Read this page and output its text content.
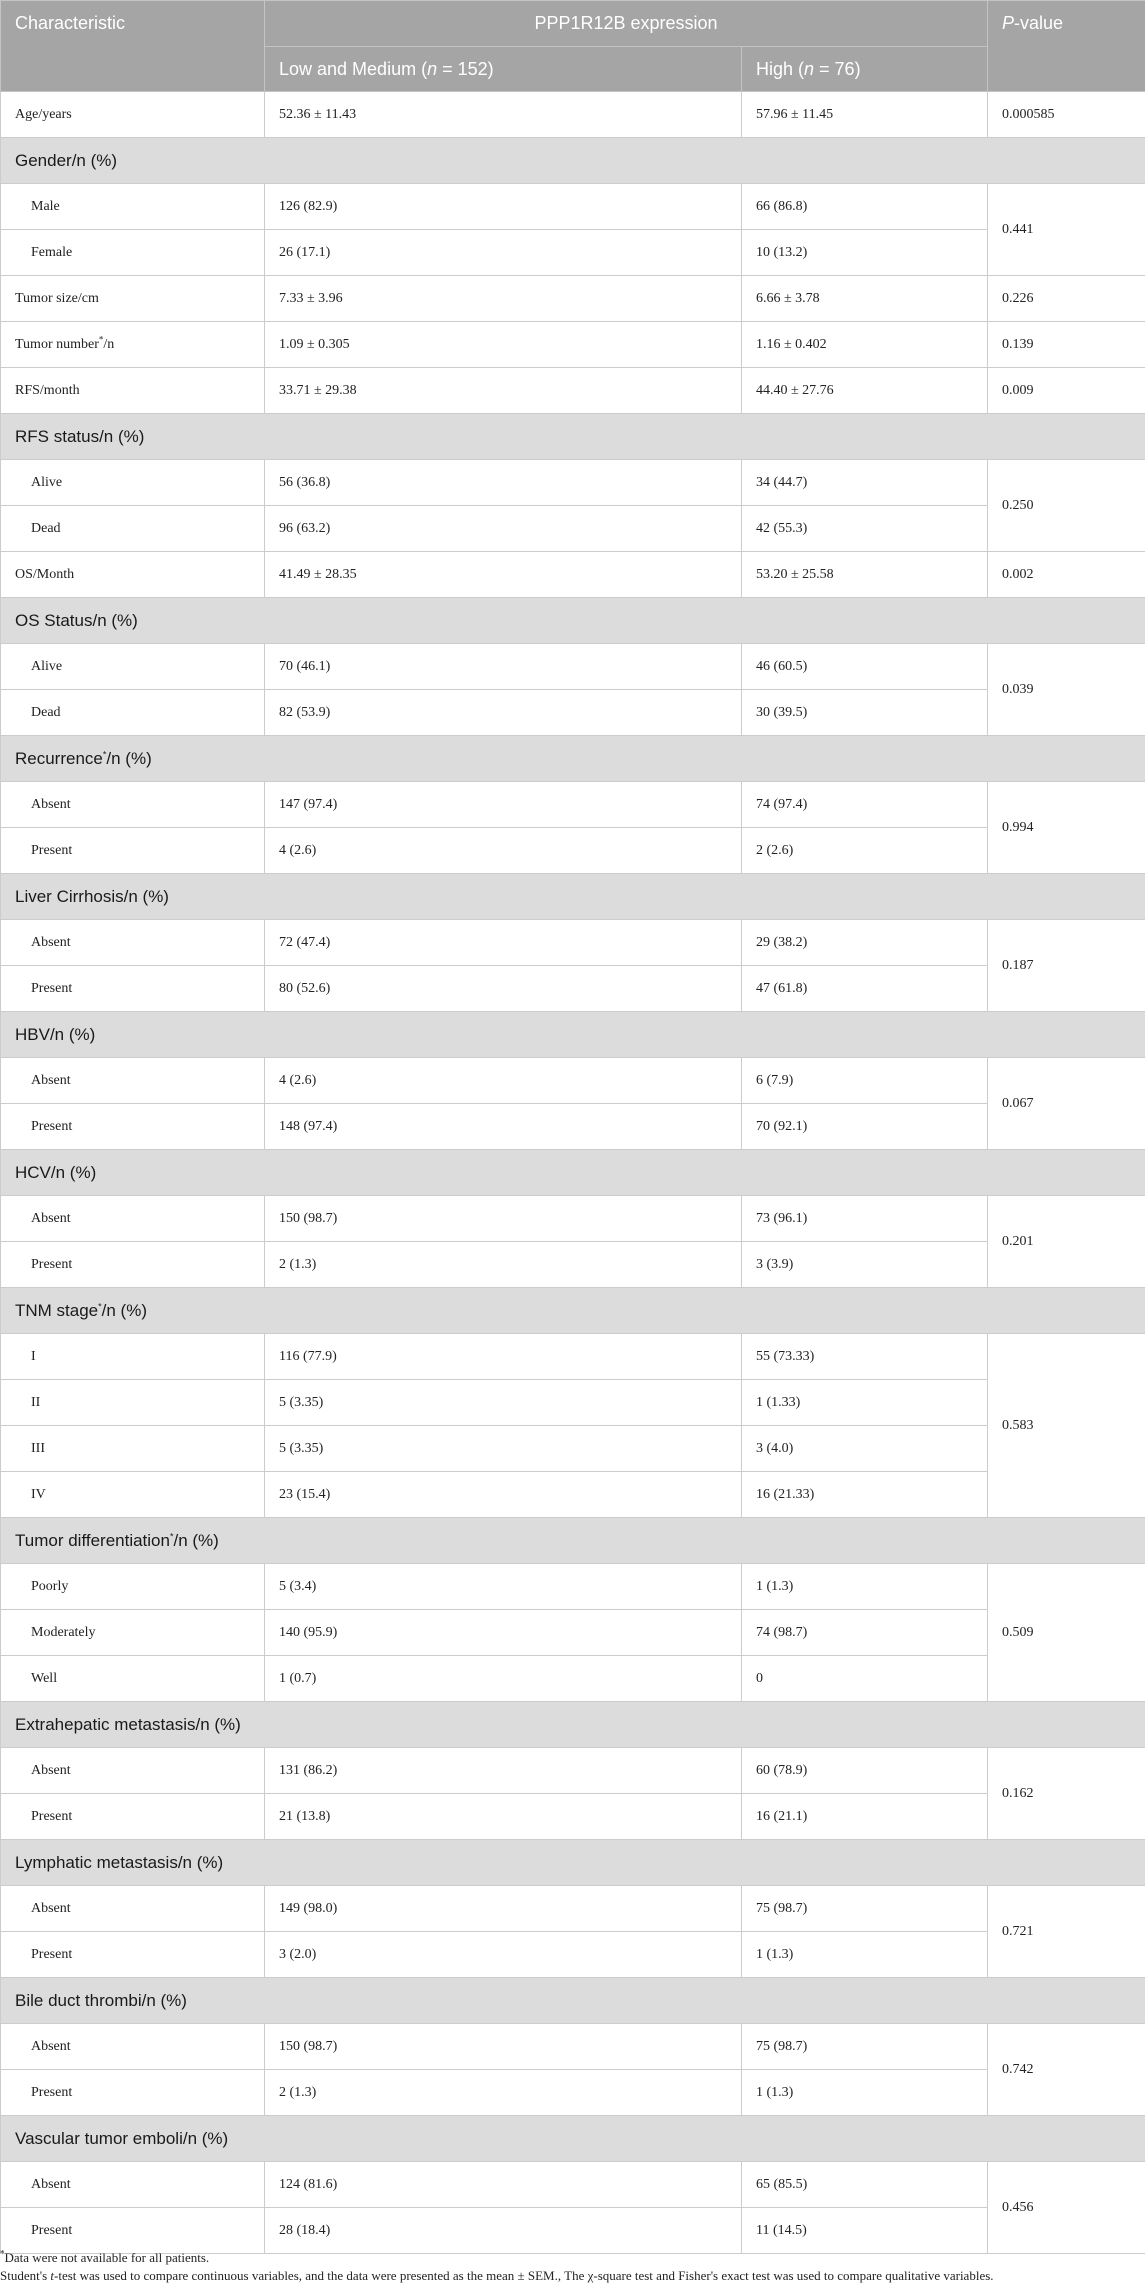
Characteristic	PPP1R12B expression		P-value
	Low and Medium (n = 152)	High (n = 76)	
Age/years	52.36 ± 11.43	57.96 ± 11.45	0.000585
Gender/n (%)			
Male	126 (82.9)	66 (86.8)	0.441
Female	26 (17.1)	10 (13.2)	
Tumor size/cm	7.33 ± 3.96	6.66 ± 3.78	0.226
Tumor number*/n	1.09 ± 0.305	1.16 ± 0.402	0.139
RFS/month	33.71 ± 29.38	44.40 ± 27.76	0.009
RFS status/n (%)			
Alive	56 (36.8)	34 (44.7)	0.250
Dead	96 (63.2)	42 (55.3)	
OS/Month	41.49 ± 28.35	53.20 ± 25.58	0.002
OS Status/n (%)			
Alive	70 (46.1)	46 (60.5)	0.039
Dead	82 (53.9)	30 (39.5)	
Recurrence*/n (%)			
Absent	147 (97.4)	74 (97.4)	0.994
Present	4 (2.6)	2 (2.6)	
Liver Cirrhosis/n (%)			
Absent	72 (47.4)	29 (38.2)	0.187
Present	80 (52.6)	47 (61.8)	
HBV/n (%)			
Absent	4 (2.6)	6 (7.9)	0.067
Present	148 (97.4)	70 (92.1)	
HCV/n (%)			
Absent	150 (98.7)	73 (96.1)	0.201
Present	2 (1.3)	3 (3.9)	
TNM stage*/n (%)			
I	116 (77.9)	55 (73.33)	0.583
II	5 (3.35)	1 (1.33)	
III	5 (3.35)	3 (4.0)	
IV	23 (15.4)	16 (21.33)	
Tumor differentiation*/n (%)			
Poorly	5 (3.4)	1 (1.3)	0.509
Moderately	140 (95.9)	74 (98.7)	
Well	1 (0.7)	0	
Extrahepatic metastasis/n (%)			
Absent	131 (86.2)	60 (78.9)	0.162
Present	21 (13.8)	16 (21.1)	
Lymphatic metastasis/n (%)			
Absent	149 (98.0)	75 (98.7)	0.721
Present	3 (2.0)	1 (1.3)	
Bile duct thrombi/n (%)			
Absent	150 (98.7)	75 (98.7)	0.742
Present	2 (1.3)	1 (1.3)	
Vascular tumor emboli/n (%)			
Absent	124 (81.6)	65 (85.5)	0.456
Present	28 (18.4)	11 (14.5)	

*Data were not available for all patients.

Student's t-test was used to compare continuous variables, and the data were presented as the mean ± SEM., The χ-square test and Fisher's exact test was used to compare qualitative variables.
